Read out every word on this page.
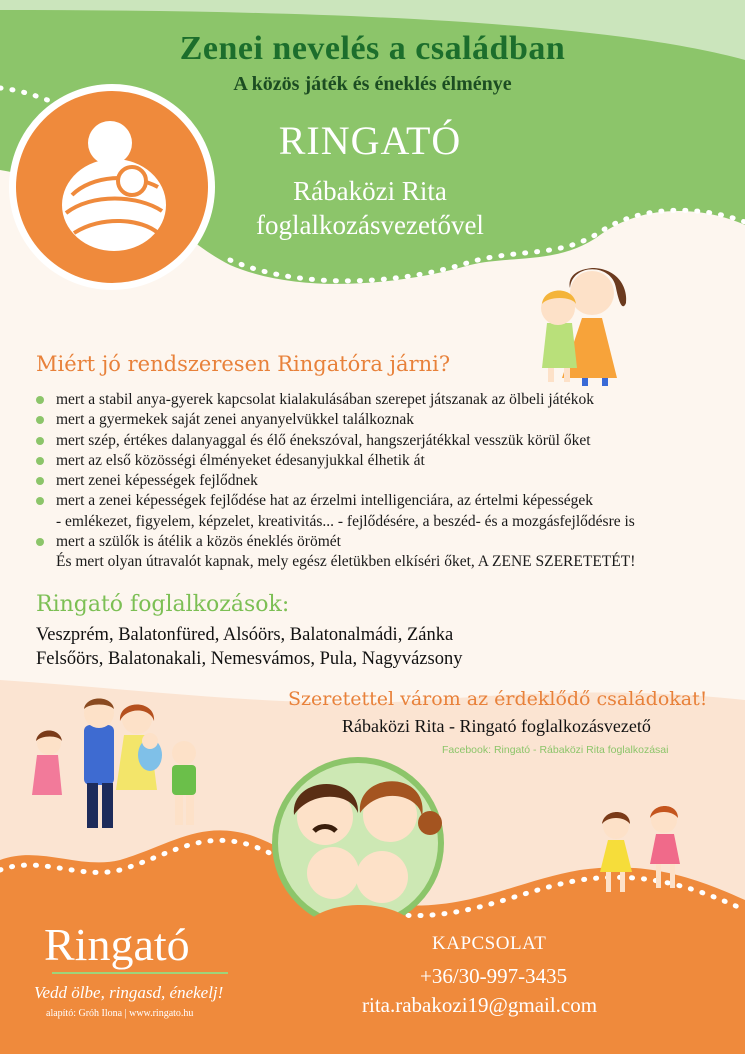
Zenei nevelés a családban
A közös játék és éneklés élménye
RINGATÓ
Rábaközi Rita
foglalkozásvezetővel
Miért jó rendszeresen Ringatóra járni?
mert a stabil anya-gyerek kapcsolat kialakulásában szerepet játszanak az ölbeli játékok
mert a gyermekek saját zenei anyanyelvükkel találkoznak
mert szép, értékes dalanyaggal és élő énekszóval, hangszerjátékkal vesszük körül őket
mert az első közösségi élményeket édesanyjukkal élhetik át
mert zenei képességek fejlődnek
mert a zenei képességek fejlődése hat az érzelmi intelligenciára, az értelmi képességek
- emlékezet, figyelem, képzelet, kreativitás... - fejlődésére, a beszéd- és a mozgásfejlődésre is
mert a szülők is átélik a közös éneklés örömét
És mert olyan útravalót kapnak, mely egész életükben elkíséri őket, A ZENE SZERETETÉT!
Ringató foglalkozások:
Veszprém, Balatonfüred, Alsóörs, Balatonalmádi, Zánka
Felsőörs, Balatonakali, Nemesvámos, Pula, Nagyvázsony
Szeretettel várom az érdeklődő családokat!
Rábaközi Rita - Ringató foglalkozásvezető
Facebook: Ringató - Rábaközi Rita foglalkozásai
Ringató
Vedd ölbe, ringasd, énekelj!
alapító: Gróh Ilona | www.ringato.hu
KAPCSOLAT
+36/30-997-3435
rita.rabakozi19@gmail.com
